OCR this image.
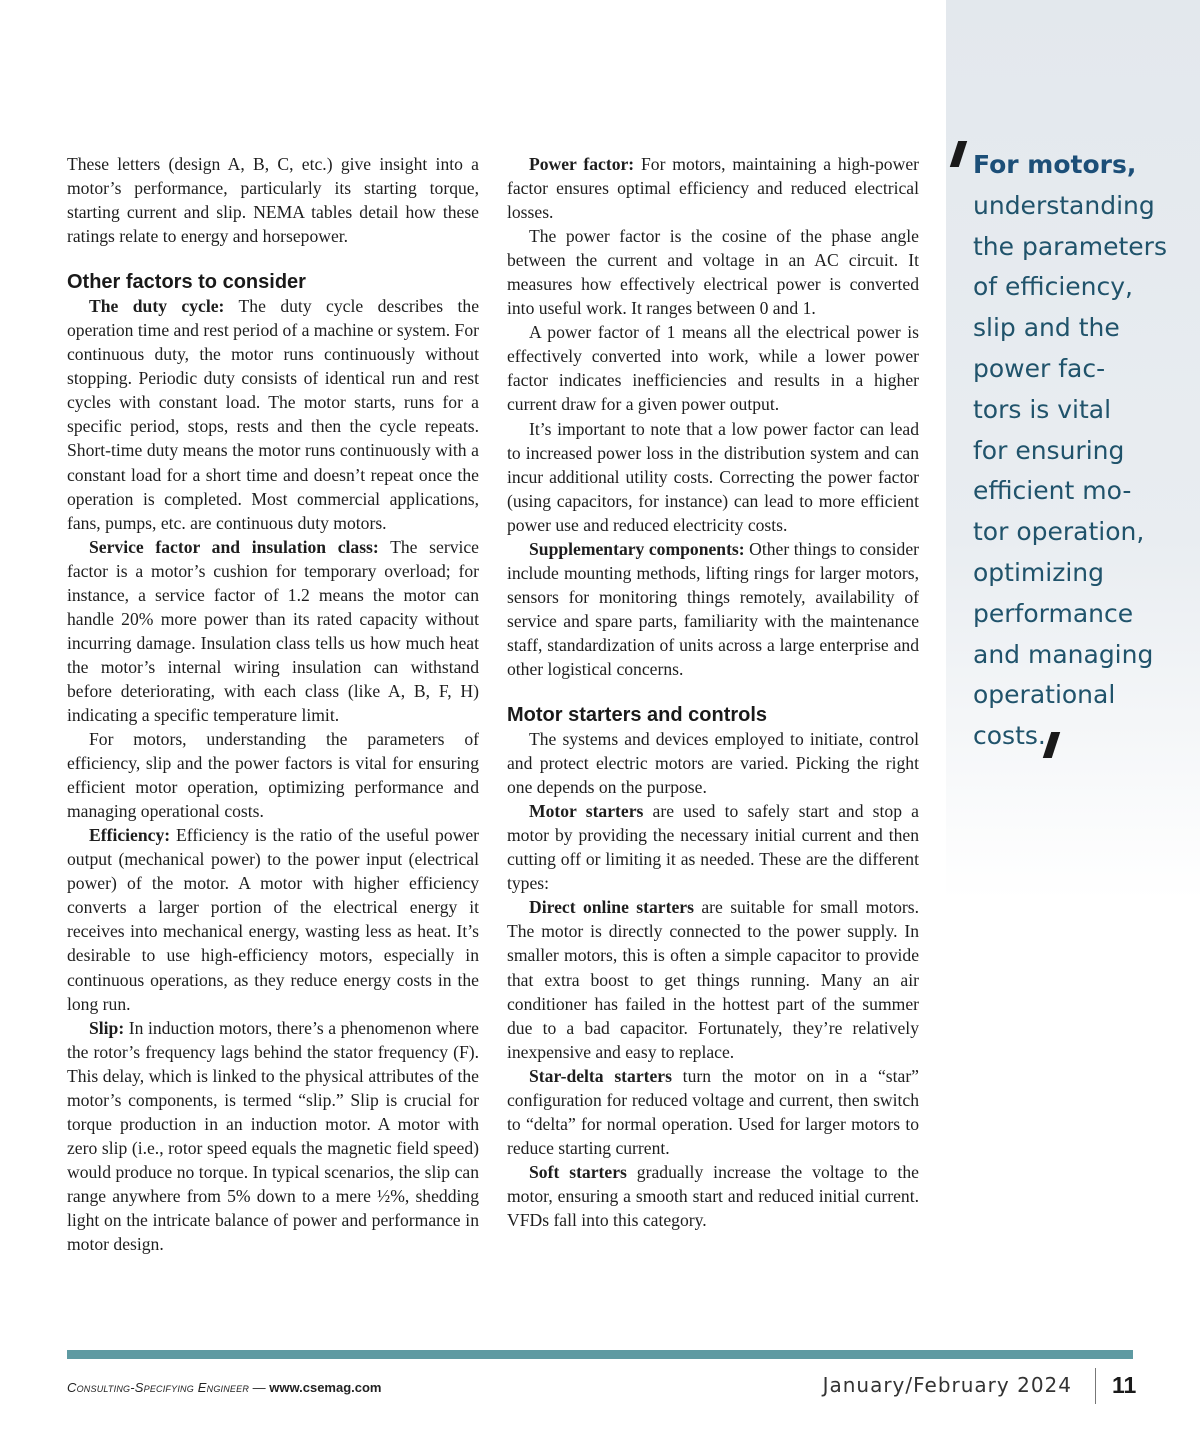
These letters (design A, B, C, etc.) give insight into a motor’s performance, particularly its starting torque, starting current and slip. NEMA tables detail how these ratings relate to energy and horsepower.

Other factors to consider

The duty cycle: The duty cycle describes the operation time and rest period of a machine or system. For continuous duty, the motor runs continuously without stopping. Periodic duty consists of identical run and rest cycles with constant load. The motor starts, runs for a specific period, stops, rests and then the cycle repeats. Short-time duty means the motor runs continuously with a constant load for a short time and doesn’t repeat once the operation is completed. Most commercial applications, fans, pumps, etc. are continuous duty motors.

Service factor and insulation class: The service factor is a motor’s cushion for temporary overload; for instance, a service factor of 1.2 means the motor can handle 20% more power than its rated capacity without incurring damage. Insulation class tells us how much heat the motor’s internal wiring insulation can withstand before deteriorating, with each class (like A, B, F, H) indicating a specific temperature limit.

For motors, understanding the parameters of efficiency, slip and the power factors is vital for ensuring efficient motor operation, optimizing performance and managing operational costs.

Efficiency: Efficiency is the ratio of the useful power output (mechanical power) to the power input (electrical power) of the motor. A motor with higher efficiency converts a larger portion of the electrical energy it receives into mechanical energy, wasting less as heat. It’s desirable to use high-efficiency motors, especially in continuous operations, as they reduce energy costs in the long run.

Slip: In induction motors, there’s a phenomenon where the rotor’s frequency lags behind the stator frequency (F). This delay, which is linked to the physical attributes of the motor’s components, is termed “slip.” Slip is crucial for torque production in an induction motor. A motor with zero slip (i.e., rotor speed equals the magnetic field speed) would produce no torque. In typical scenarios, the slip can range anywhere from 5% down to a mere ½%, shedding light on the intricate balance of power and performance in motor design.

Power factor: For motors, maintaining a high-power factor ensures optimal efficiency and reduced electrical losses.

The power factor is the cosine of the phase angle between the current and voltage in an AC circuit. It measures how effectively electrical power is converted into useful work. It ranges between 0 and 1.

A power factor of 1 means all the electrical power is effectively converted into work, while a lower power factor indicates inefficiencies and results in a higher current draw for a given power output.

It’s important to note that a low power factor can lead to increased power loss in the distribution system and can incur additional utility costs. Correcting the power factor (using capacitors, for instance) can lead to more efficient power use and reduced electricity costs.

Supplementary components: Other things to consider include mounting methods, lifting rings for larger motors, sensors for monitoring things remotely, availability of service and spare parts, familiarity with the maintenance staff, standardization of units across a large enterprise and other logistical concerns.

Motor starters and controls

The systems and devices employed to initiate, control and protect electric motors are varied. Picking the right one depends on the purpose.

Motor starters are used to safely start and stop a motor by providing the necessary initial current and then cutting off or limiting it as needed. These are the different types:

Direct online starters are suitable for small motors. The motor is directly connected to the power supply. In smaller motors, this is often a simple capacitor to provide that extra boost to get things running. Many an air conditioner has failed in the hottest part of the summer due to a bad capacitor. Fortunately, they’re relatively inexpensive and easy to replace.

Star-delta starters turn the motor on in a “star” configuration for reduced voltage and current, then switch to “delta” for normal operation. Used for larger motors to reduce starting current.

Soft starters gradually increase the voltage to the motor, ensuring a smooth start and reduced initial current. VFDs fall into this category.

For motors,
understanding
the parameters
of efficiency,
slip and the
power fac-
tors is vital
for ensuring
efficient mo-
tor operation,
optimizing
performance
and managing
operational
costs.
Consulting-Specifying Engineer — www.csemag.com	January/February 2024 11
